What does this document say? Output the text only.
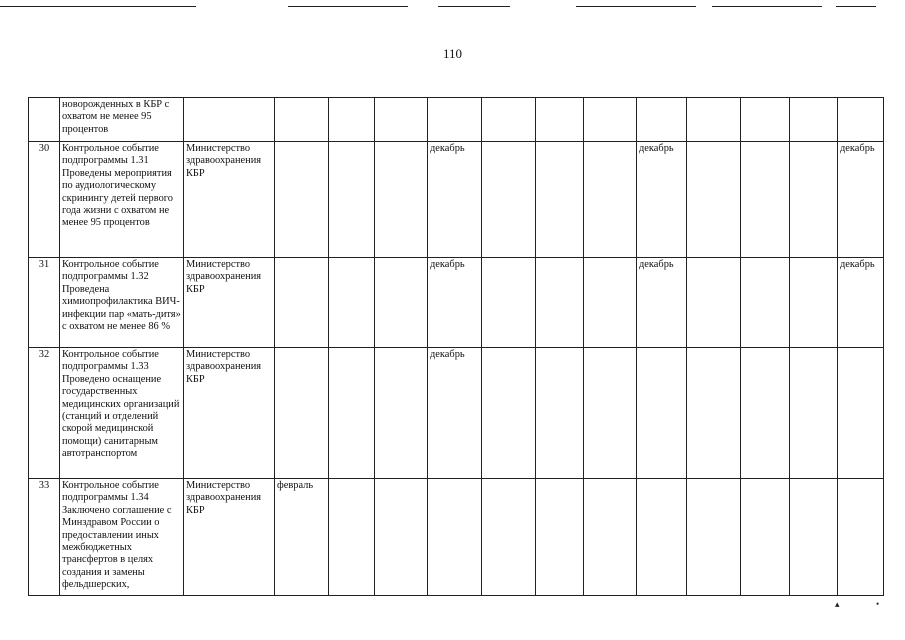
110
	новорожденных в КБР с охватом не менее 95 процентов													
30	Контрольное событие подпрограммы 1.31 Проведены мероприятия по аудиологическому скринингу детей первого года жизни с охватом не менее 95 процентов	Министерство здравоохранения КБР				декабрь				декабрь				декабрь
31	Контрольное событие подпрограммы 1.32 Проведена химиопрофилактика ВИЧ-инфекции пар «мать-дитя» с охватом не менее 86 %	Министерство здравоохранения КБР				декабрь				декабрь				декабрь
32	Контрольное событие подпрограммы 1.33 Проведено оснащение государственных медицинских организаций (станций и отделений скорой медицинской помощи) санитарным автотранспортом	Министерство здравоохранения КБР				декабрь								
33	Контрольное событие подпрограммы 1.34 Заключено соглашение с Минздравом России о предоставлении иных межбюджетных трансфертов в целях создания и замены фельдшерских,	Министерство здравоохранения КБР	февраль											
▴	•
